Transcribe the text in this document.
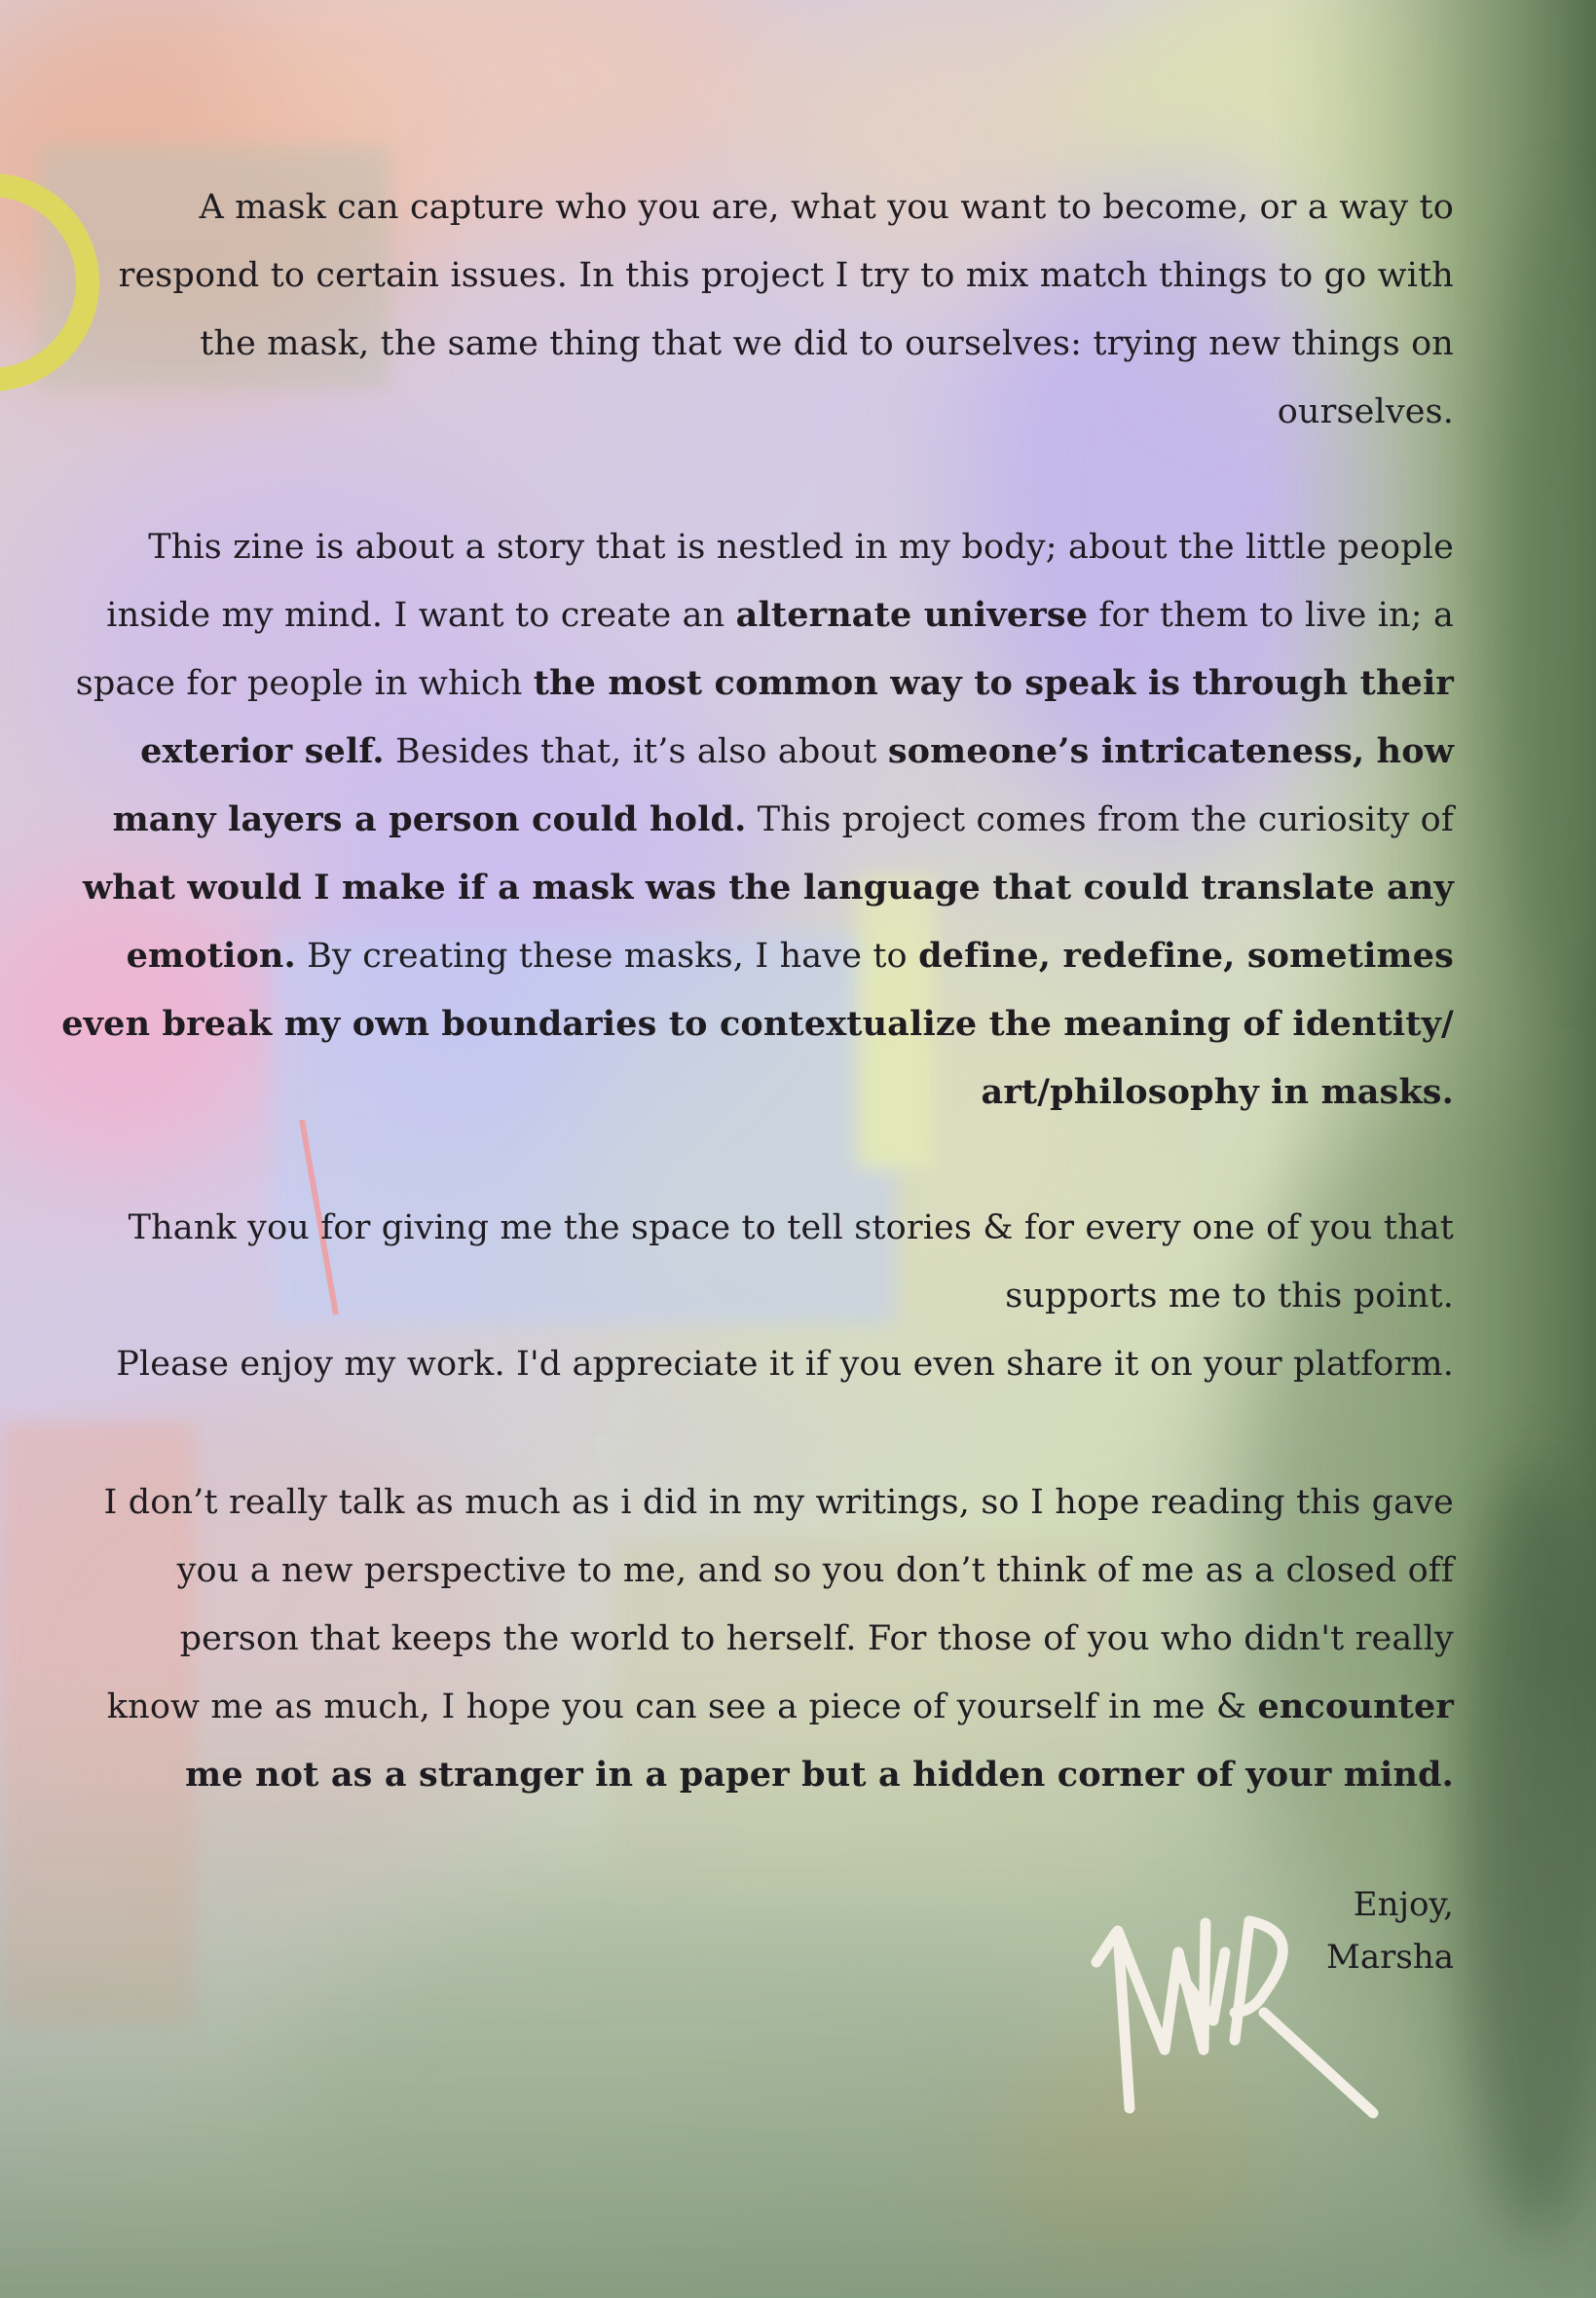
A mask can capture who you are, what you want to become, or a way to
respond to certain issues. In this project I try to mix match things to go with
the mask, the same thing that we did to ourselves: trying new things on
ourselves.
This zine is about a story that is nestled in my body; about the little people
inside my mind. I want to create an alternate universe for them to live in; a
space for people in which the most common way to speak is through their
exterior self. Besides that, it’s also about someone’s intricateness, how
many layers a person could hold. This project comes from the curiosity of
what would I make if a mask was the language that could translate any
emotion. By creating these masks, I have to define, redefine, sometimes
even break my own boundaries to contextualize the meaning of identity/
art/philosophy in masks.
Thank you for giving me the space to tell stories & for every one of you that
supports me to this point.
Please enjoy my work. I'd appreciate it if you even share it on your platform.
I don’t really talk as much as i did in my writings, so I hope reading this gave
you a new perspective to me, and so you don’t think of me as a closed off
person that keeps the world to herself. For those of you who didn't really
know me as much, I hope you can see a piece of yourself in me & encounter
me not as a stranger in a paper but a hidden corner of your mind.
Enjoy,
Marsha
